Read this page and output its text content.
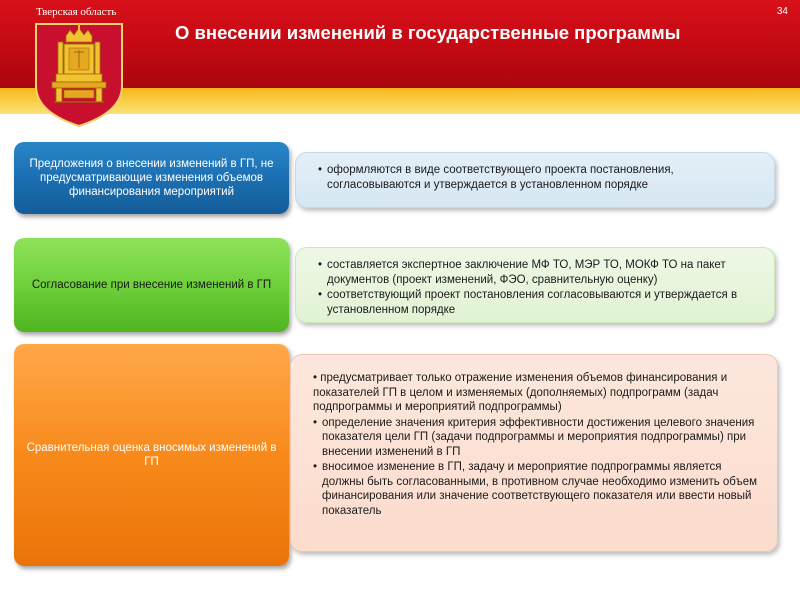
Тверская область	34
О внесении изменений в государственные программы
Предложения о внесении изменений в ГП, не предусматривающие изменения объемов финансирования мероприятий
• оформляются в виде соответствующего проекта постановления, согласовываются и утверждается в установленном порядке
Согласование при внесение изменений в ГП
• составляется экспертное заключение МФ ТО, МЭР ТО, МОКФ ТО на пакет документов (проект изменений, ФЭО, сравнительную оценку)
• соответствующий проект постановления согласовываются и утверждается в установленном порядке
Сравнительная оценка вносимых изменений в ГП
• предусматривает только отражение изменения объемов финансирования и показателей ГП в целом и изменяемых (дополняемых) подпрограмм (задач подпрограммы и мероприятий подпрограммы)
• определение значения критерия эффективности достижения целевого значения показателя цели ГП (задачи подпрограммы и мероприятия подпрограммы) при внесении изменений в ГП
• вносимое изменение в ГП, задачу и мероприятие подпрограммы является должны быть согласованными, в противном случае необходимо изменить объем финансирования или значение соответствующего показателя или ввести новый показатель
